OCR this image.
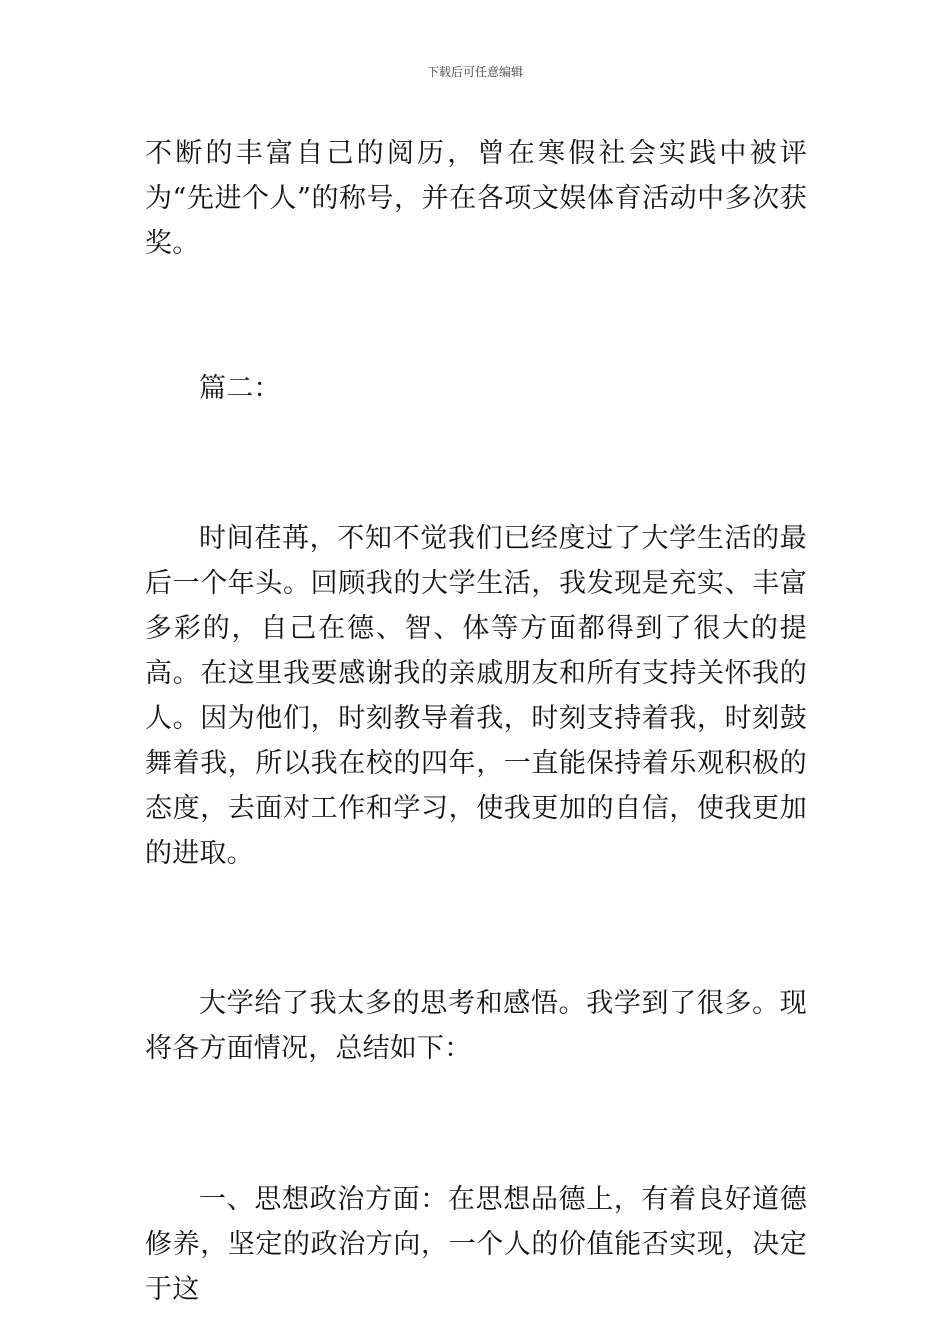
下载后可任意编辑

不断的丰富自己的阅历，曾在寒假社会实践中被评为“先进个人”的称号，并在各项文娱体育活动中多次获奖。

篇二：

时间荏苒，不知不觉我们已经度过了大学生活的最后一个年头。回顾我的大学生活，我发现是充实、丰富多彩的，自己在德、智、体等方面都得到了很大的提高。在这里我要感谢我的亲戚朋友和所有支持关怀我的人。因为他们，时刻教导着我，时刻支持着我，时刻鼓舞着我，所以我在校的四年，一直能保持着乐观积极的态度，去面对工作和学习，使我更加的自信，使我更加的进取。

大学给了我太多的思考和感悟。我学到了很多。现将各方面情况，总结如下：

一、思想政治方面：在思想品德上，有着良好道德修养，坚定的政治方向，一个人的价值能否实现，决定于这
